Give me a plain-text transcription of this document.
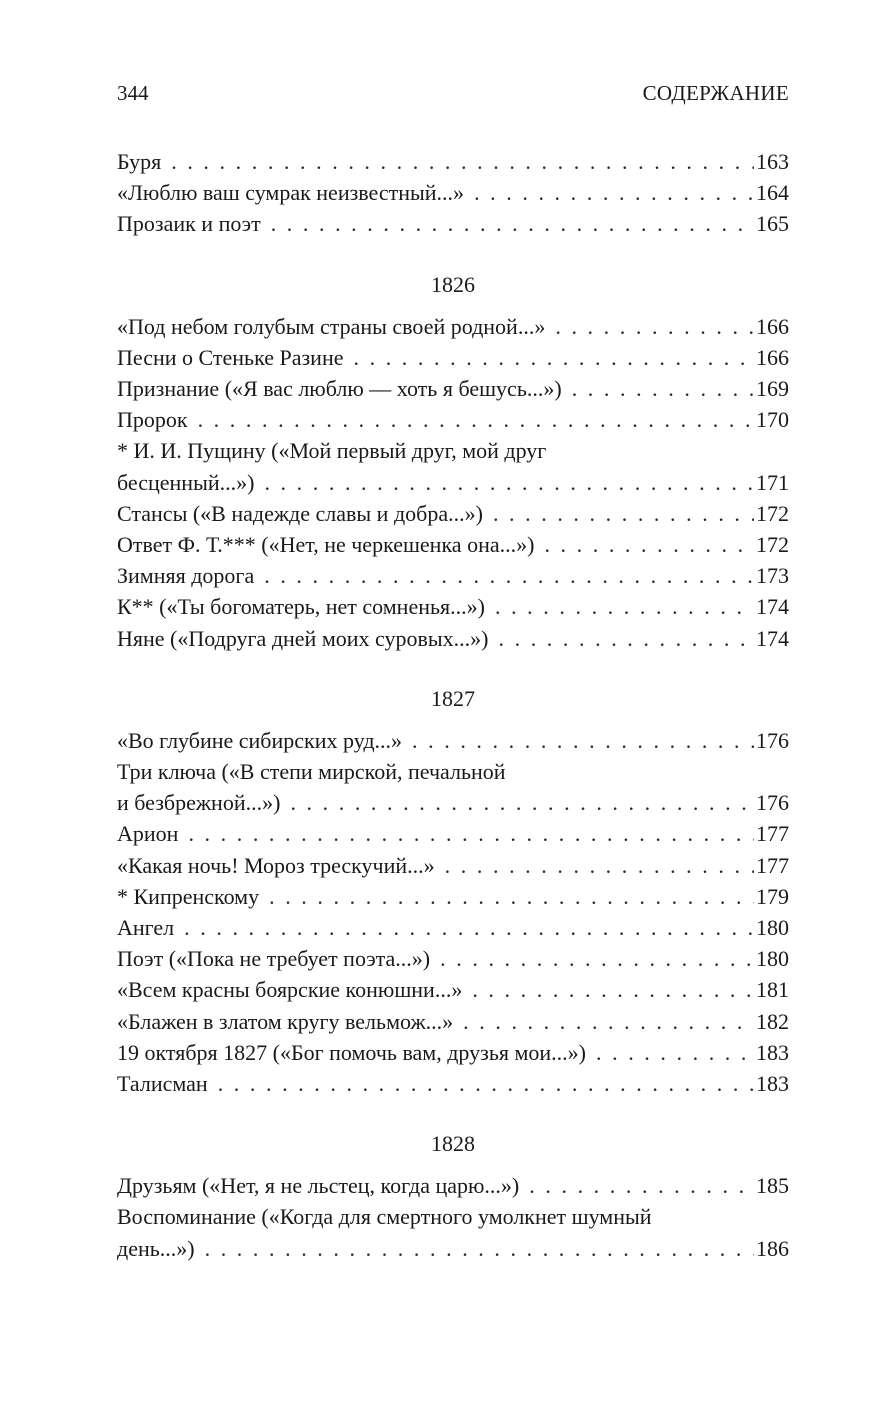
344	СОДЕРЖАНИЕ
Буря . . .	163
«Люблю ваш сумрак неизвестный...» . . .	164
Прозаик и поэт . . .	165
1826
«Под небом голубым страны своей родной...» . . .	166
Песни о Стеньке Разине . . .	166
Признание («Я вас люблю — хоть я бешусь...») . . .	169
Пророк . . .	170
* И. И. Пущину («Мой первый друг, мой друг
бесценный...») . . .	171
Стансы («В надежде славы и добра...») . . .	172
Ответ Ф. Т.*** («Нет, не черкешенка она...») . . .	172
Зимняя дорога . . .	173
К** («Ты богоматерь, нет сомненья...») . . .	174
Няне («Подруга дней моих суровых...») . . .	174
1827
«Во глубине сибирских руд...» . . .	176
Три ключа («В степи мирской, печальной
и безбрежной...») . . .	176
Арион . . .	177
«Какая ночь! Мороз трескучий...» . . .	177
* Кипренскому . . .	179
Ангел . . .	180
Поэт («Пока не требует поэта...») . . .	180
«Всем красны боярские конюшни...» . . .	181
«Блажен в златом кругу вельмож...» . . .	182
19 октября 1827 («Бог помочь вам, друзья мои...») . . .	183
Талисман . . .	183
1828
Друзьям («Нет, я не льстец, когда царю...») . . .	185
Воспоминание («Когда для смертного умолкнет шумный
день...») . . .	186
